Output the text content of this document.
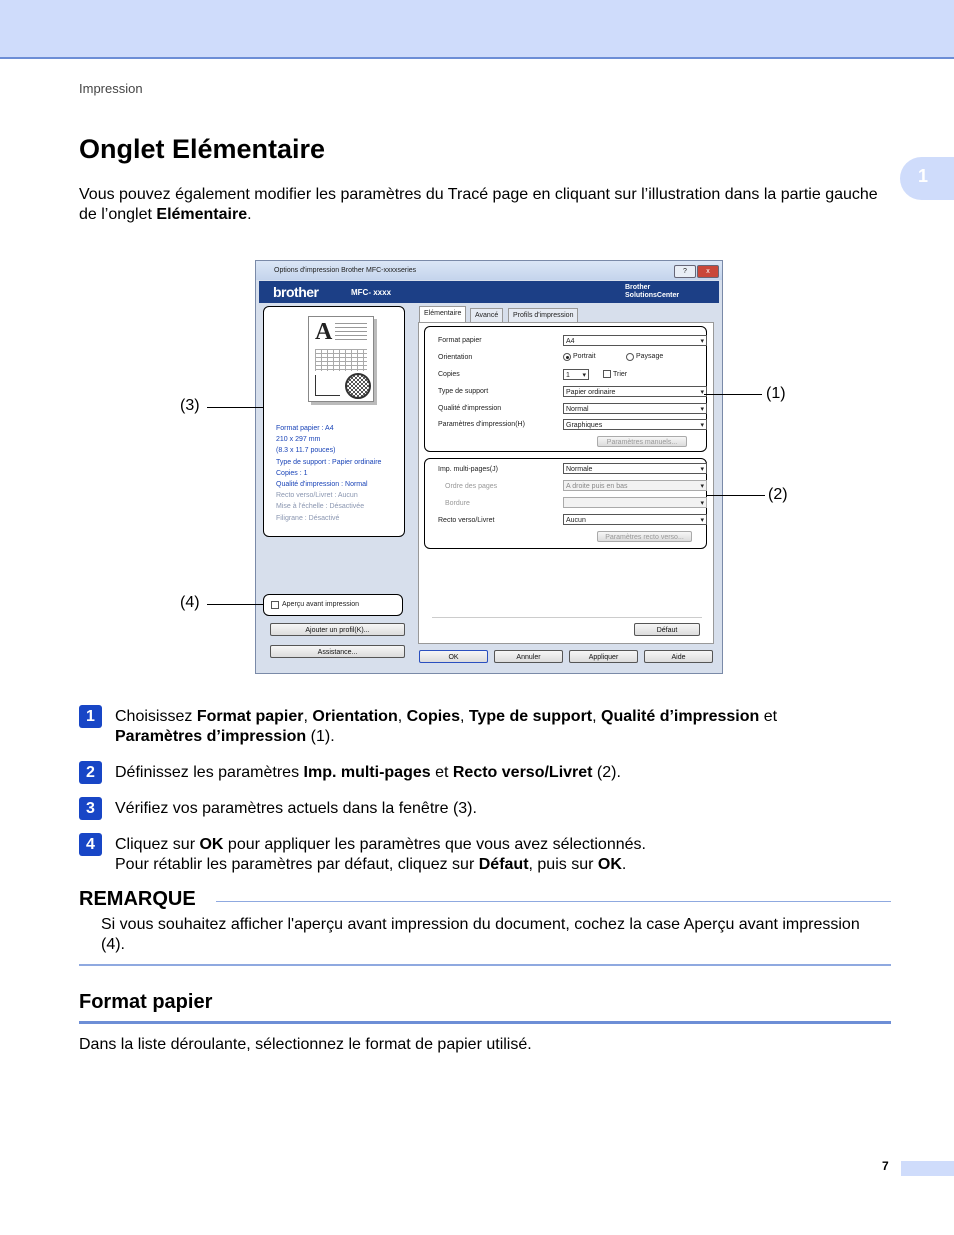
Impression
1
Onglet Elémentaire

Vous pouvez également modifier les paramètres du Tracé page en cliquant sur l’illustration dans la partie gauche de l’onglet Elémentaire.

Options d'impression Brother MFC-xxxxseries	?	x
brother	MFC- xxxx
Brother
SolutionsCenter
A
Format papier : A4
210 x 297 mm
(8.3 x 11.7 pouces)
Type de support : Papier ordinaire
Copies : 1
Qualité d'impression : Normal
Recto verso/Livret : Aucun
Mise à l'échelle : Désactivée
Filigrane : Désactivé
Aperçu avant impression
Ajouter un profil(K)...
Assistance...
Elémentaire	Avancé	Profils d'impression
Format papier	A4 ▾
Orientation	Portrait	Paysage
Copies	1 ▾	Trier
Type de support	Papier ordinaire ▾
Qualité d'impression	Normal ▾
Paramètres d'impression(H)	Graphiques ▾
Paramètres manuels...
Imp. multi-pages(J)	Normale ▾
Ordre des pages	A droite puis en bas ▾
Bordure
▾
Recto verso/Livret	Aucun ▾
Paramètres recto verso...
Défaut
OK	Annuler	Appliquer	Aide
(3)
(1)
(2)
(4)
1	Choisissez Format papier, Orientation, Copies, Type de support, Qualité d’impression et Paramètres d’impression (1).
2	Définissez les paramètres Imp. multi-pages et Recto verso/Livret (2).
3	Vérifiez vos paramètres actuels dans la fenêtre (3).
4	Cliquez sur OK pour appliquer les paramètres que vous avez sélectionnés.
Pour rétablir les paramètres par défaut, cliquez sur Défaut, puis sur OK.
REMARQUE

Si vous souhaitez afficher l'aperçu avant impression du document, cochez la case Aperçu avant impression (4).

Format papier

Dans la liste déroulante, sélectionnez le format de papier utilisé.

7
